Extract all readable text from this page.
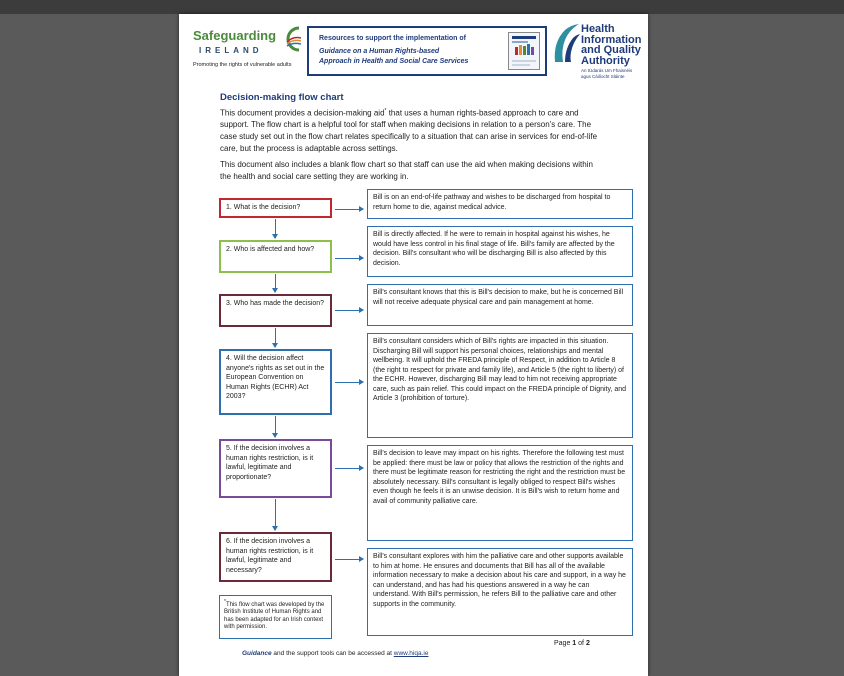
Safeguarding
IRELAND
Promoting the rights of vulnerable adults
Resources to support the implementation of
Guidance on a Human Rights-based
Approach in Health and Social Care Services
Health
Information
and Quality
Authority
An tÚdarás Um Fhaisnéis
agus Cáilíocht Sláinte
Decision-making flow chart

This document provides a decision-making aid* that uses a human rights-based approach to care and support. The flow chart is a helpful tool for staff when making decisions in relation to a person's care. The case study set out in the flow chart relates specifically to a situation that can arise in services for end-of-life care, but the process is adaptable across settings.

This document also includes a blank flow chart so that staff can use the aid when making decisions within the health and social care setting they are working in.

1. What is the decision?
2. Who is affected and how?
3. Who has made the decision?
4. Will the decision affect anyone's rights as set out in the European Convention on Human Rights (ECHR) Act 2003?
5. If the decision involves a human rights restriction, is it lawful, legitimate and proportionate?
6. If the decision involves a human rights restriction, is it lawful, legitimate and necessary?
Bill is on an end-of-life pathway and wishes to be discharged from hospital to return home to die, against medical advice.
Bill is directly affected. If he were to remain in hospital against his wishes, he would have less control in his final stage of life. Bill's family are affected by the decision. Bill's consultant who will be discharging Bill is also affected by this decision.
Bill's consultant knows that this is Bill's decision to make, but he is concerned Bill will not receive adequate physical care and pain management at home.
Bill's consultant considers which of Bill's rights are impacted in this situation. Discharging Bill will support his personal choices, relationships and mental wellbeing. It will uphold the FREDA principle of Respect, in addition to Article 8 (the right to respect for private and family life), and Article 5 (the right to liberty) of the ECHR. However, discharging Bill may lead to him not receiving appropriate care, such as pain relief. This could impact on the FREDA principle of Dignity, and Article 3 (prohibition of torture).
Bill's decision to leave may impact on his rights. Therefore the following test must be applied: there must be law or policy that allows the restriction of the rights and there must be legitimate reason for restricting the right and the restriction must be absolutely necessary. Bill's consultant is legally obliged to respect Bill's wishes even though he feels it is an unwise decision. It is Bill's wish to return home and avail of community palliative care.
Bill's consultant explores with him the palliative care and other supports available to him at home. He ensures and documents that Bill has all of the available information necessary to make a decision about his care and support, in a way he can understand, and has had his questions answered in a way he can understand. With Bill's permission, he refers Bill to the palliative care and other supports in the community.
*This flow chart was developed by the British Institute of Human Rights and has been adapted for an Irish context with permission.
Page 1 of 2
Guidance and the support tools can be accessed at www.hiqa.ie
